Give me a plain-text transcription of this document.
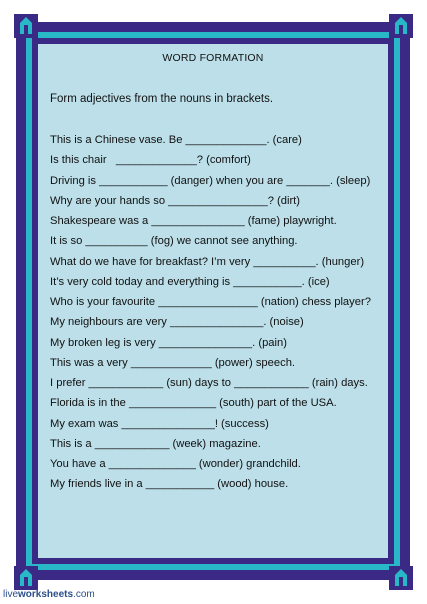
WORD FORMATION
Form adjectives from the nouns in brackets.
This is a Chinese vase. Be _____________. (care)
Is this chair   _____________? (comfort)
Driving is ___________ (danger) when you are _______. (sleep)
Why are your hands so ________________? (dirt)
Shakespeare was a _______________ (fame) playwright.
It is so __________ (fog) we cannot see anything.
What do we have for breakfast? I’m very __________. (hunger)
It’s very cold today and everything is ___________. (ice)
Who is your favourite ________________ (nation) chess player?
My neighbours are very _______________. (noise)
My broken leg is very _______________. (pain)
This was a very _____________ (power) speech.
I prefer ____________ (sun) days to ____________ (rain) days.
Florida is in the ______________ (south) part of the USA.
My exam was _______________! (success)
This is a ____________ (week) magazine.
You have a ______________ (wonder) grandchild.
My friends live in a ___________ (wood) house.
liveworksheets.com
